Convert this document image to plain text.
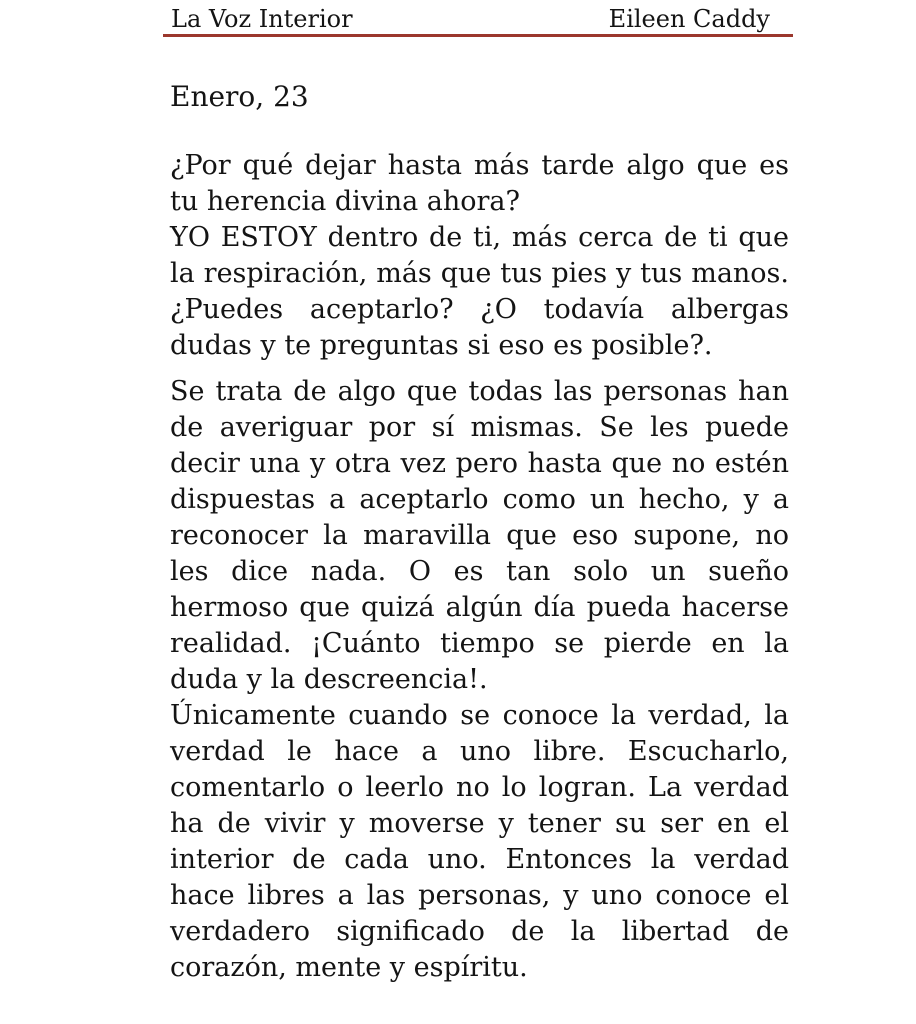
La Voz Interior	Eileen Caddy
Enero, 23

¿Por qué dejar hasta más tarde algo que es tu herencia divina ahora?

YO ESTOY dentro de ti, más cerca de ti que la respiración, más que tus pies y tus manos. ¿Puedes aceptarlo? ¿O todavía albergas dudas y te preguntas si eso es posible?.

Se trata de algo que todas las personas han de averiguar por sí mismas. Se les puede decir una y otra vez pero hasta que no estén dispuestas a aceptarlo como un hecho, y a reconocer la maravilla que eso supone, no les dice nada. O es tan solo un sueño hermoso que quizá algún día pueda hacerse realidad. ¡Cuánto tiempo se pierde en la duda y la descreencia!.

Únicamente cuando se conoce la verdad, la verdad le hace a uno libre. Escucharlo, comentarlo o leerlo no lo logran. La verdad ha de vivir y moverse y tener su ser en el interior de cada uno. Entonces la verdad hace libres a las personas, y uno conoce el verdadero significado de la libertad de corazón, mente y espíritu.
